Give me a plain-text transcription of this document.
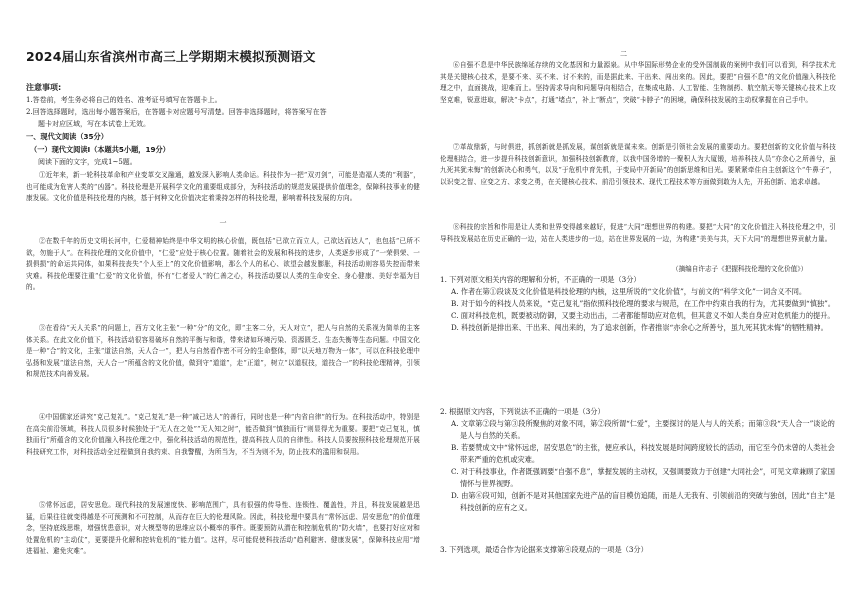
2024届山东省滨州市高三上学期期末模拟预测语文
注意事项:
1.答卷前，考生务必将自己的姓名、准考证号填写在答题卡上。
2.回答选择题时，选出每小题答案后，在答题卡对应题号写清楚。回答非选择题时，将答案写在答
题卡对应区域，写在本试卷上无效。
一、现代文阅读（35分）
（一）现代文阅读Ⅰ（本题共5小题，19分）
阅读下面的文字，完成1~5题。
①近年来，新一轮科技革命和产业变革交叉融通，越发深入影响人类命运。科技作为一把“双刃剑”，可能是造福人类的“利器”，也可能成为危害人类的“凶器”。科技伦理是开展科学文化的重要组成部分，为科技活动的规范发展提供价值理念，保障科技事业的健康发展。文化价值是科技伦理的内核，基于何种文化价值决定着秉持怎样的科技伦理，影响着科技发展的方向。
一
②在数千年的历史文明长河中，仁爱精神始终是中华文明的核心价值，既包括“已欲立而立人，己欲达而达人”，也包括“已所不欲，勿施于人”。在科技伦理的文化价值中，“仁爱”应处于核心位置。随着社会的发展和科技的进步，人类逐步形成了“一荣俱荣、一损俱损”的命运共同体，如果科技丧失“个人至上”的文化价值影响，那么个人的私心、欲望会越发膨胀，科技活动则容易失控而带来灾难。科技伦理要注重“仁爱”的文化价值，怀有“仁者爱人”的仁善之心，科技活动要以人类的生命安全、身心健康、美好幸福为目的。
③在看待“天人关系”的问题上，西方文化主张“一种”分”的文化，即“主客二分，天人对立”，把人与自然的关系视为简单的主客体关系。在此文化价值下，科技活动很容易破坏自然的平衡与和谐，带来诸如环境污染、资源匮乏、生态失衡等生态问题。中国文化是一种“合”的文化，主张“道法自然，天人合一”，把人与自然看作密不可分的生命整体，即“以天地万物为一体”，可以在科技伦理中弘扬和发展“道法自然，天人合一”所蕴含的文化价值，做到守“道道”，走“正道”，树立“以道驭技，道技合一”的科技伦理精神，引领和规范技术向善发展。
④中国儒家还讲究“克己复礼”。“克己复礼”是一种“减己达人”的善行，同时也是一种“内省自律”的行为。在科技活动中，特别是在高尖前沿领域，科技人员很多时候独处于“无人在之处”“无人知之时”，能否做到“慎独而行”则显得尤为重要。要把“克己复礼，慎独而行”所蕴含的文化价值融入科技伦理之中，强化科技活动的规范性，提高科技人员的自律性。科技人员要按照科技伦理规范开展科技研究工作，对科技活动全过程做到自我约束、自我警醒，为所当为，不当为则不为，防止技术的滥用和误用。
⑤常怀远虑，居安思危。现代科技的发展速度快、影响范围广，具有很强的传导性、连锁性、覆盖性，并且，科技发展越是迅猛，后果往往就变得越是不可预测和不可控制，从而存在巨大的伦理风险。因此，科技伦理中要具有“常怀远虑、居安思危”的价值理念，坚持底线思维，增强忧患意识，对大模型等的思维应以小概率的事件。既要预防从潜在和控制危机的“防火墙”，也要打好应对和处置危机的“主动仗”，更要提升化解和控转危机的“能力值”。这样，尽可能促使科技活动“趋利避害、健康发展”，保障科技应用“增进福祉、避免灾难”。
二
⑥自强不息是中华民族绵延存续的文化基因和力量源泉。从中华国际形势企业的受外国制裁的案例中我们可以看到，科学技术尤其是关键核心技术，是要不来、买不来、讨不来的，而是据此来、干出来、闯出来的。因此，要把“自强不息”的文化价值融入科技伦理之中，直面挑战，迎难而上。坚持需求导向和问题导向相结合，在集成电路、人工智能、生物制药、航空航天等关键核心技术上攻坚克难，锐意进取，解决“卡点”，打通“堵点”，补上“断点”，突破“卡脖子”的困境，确保科技发展的主动权掌握在自己手中。
⑦革故鼎新，与时俱进，抓创新就是抓发展，谋创新就是谋未来。创新是引领社会发展的重要动力。要把创新的文化价值与科技伦理相结合，进一步提升科技创新意识，加强科技创新教育，以我中国务增的一聚积人为大厦锻，培养科技人员“亦余心之所善兮，虽九死其犹未悔”的创新决心和勇气，以及“于危机中育先机，于变局中开新局”的创新思维和目光。要紧紧牵住自主创新这个“牛鼻子”，以识变之智、应变之方、求变之勇，在关键核心技术、前沿引领技术、现代工程技术等方面做到敢为人先，开拓创新、追求卓越。
⑧科技的宗旨和作用是让人类和世界变得越来越好，促进“大同”理想世界的构建。要把“大同”的文化价值注入科技伦理之中，引导科技发展站在历史正确的一边，站在人类进步的一边，站在世界发展的一边，为构建“美美与共，天下大同”的理想世界贡献力量。
（摘编自许志子《把握科技伦理的文化价值》）
1. 下列对原文相关内容的理解和分析，不正确的一项是（3分）
A. 作者在第①段谈及文化价值是科技伦理的内核，这里所说的“文化价值”，与前文的“科学文化”一词含义不同。
B. 对于如今的科技人员来说，“克己复礼”指依照科技伦理的要求与规范，在工作中约束自我的行为，尤其要做到“慎独”。
C. 面对科技危机，既要被动防御，又要主动出击，二者都能帮助应对危机，但其意义不如人类自身应对危机能力的提升。
D. 科技创新是排出来、干出来、闯出来的，为了追求创新，作者推崇“亦余心之所善兮，虽九死其犹未悔”的牺牲精神。
2. 根据原文内容，下列说法不正确的一项是（3分）
A. 文章第②段与第③段所聚焦的对象不同，第②段所谓“仁爱”，主要探讨的是人与人的关系；而第③段“天人合一”谈论的是人与自然的关系。
B. 若要赞成文中“常怀远虑，居安思危”的主张，便应承认，科技发展是时间跨度较长的活动，而它至今仍未曾的人类社会带来严重的危机或灾难。
C. 对于科技事业，作者既强调要“自强不息”，掌握发展的主动权，又强调要致力于创建“大同社会”，可见文章兼顾了家国情怀与世界视野。
D. 由第⑥段可知，创新不是对其他国家先进产品的盲目模仿追随，而是人无我有、引领前沿的突破与独创，因此“自主”是科技创新的应有之义。
3. 下列选项，最适合作为论据来支撑第④段观点的一项是（3分）
